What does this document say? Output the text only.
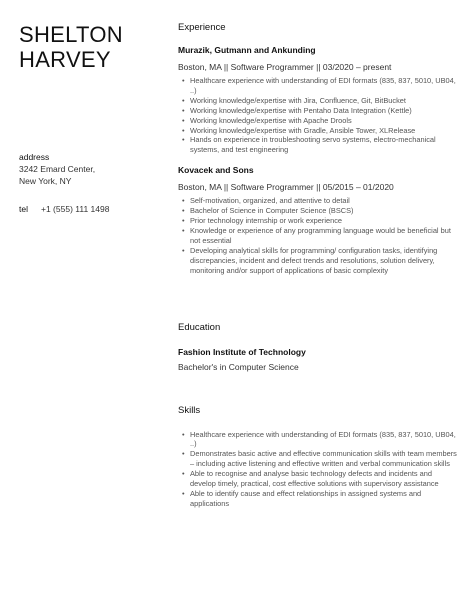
SHELTON
HARVEY
address
3242 Emard Center,
New York, NY
tel	+1 (555) 111 1498
Experience
Murazik, Gutmann and Ankunding
Boston, MA || Software Programmer || 03/2020 – present
• Healthcare experience with understanding of EDI formats (835, 837, 5010, UB04, ..)
• Working knowledge/expertise with Jira, Confluence, Git, BitBucket
• Working knowledge/expertise with Pentaho Data Integration (Kettle)
• Working knowledge/expertise with Apache Drools
• Working knowledge/expertise with Gradle, Ansible Tower, XLRelease
• Hands on experience in troubleshooting servo systems, electro-mechanical systems, and test engineering
Kovacek and Sons
Boston, MA || Software Programmer || 05/2015 – 01/2020
• Self-motivation, organized, and attentive to detail
• Bachelor of Science in Computer Science (BSCS)
• Prior technology internship or work experience
• Knowledge or experience of any programming language would be beneficial but not essential
• Developing analytical skills for programming/ configuration tasks, identifying discrepancies, incident and defect trends and resolutions, solution delivery, monitoring and/or support of applications of basic complexity
Education
Fashion Institute of Technology
Bachelor's in Computer Science
Skills
• Healthcare experience with understanding of EDI formats (835, 837, 5010, UB04, ..)
• Demonstrates basic active and effective communication skills with team members – including active listening and effective written and verbal communication skills
• Able to recognise and analyse basic technology defects and incidents and develop timely, practical, cost effective solutions with supervisory assistance
• Able to identify cause and effect relationships in assigned systems and applications
